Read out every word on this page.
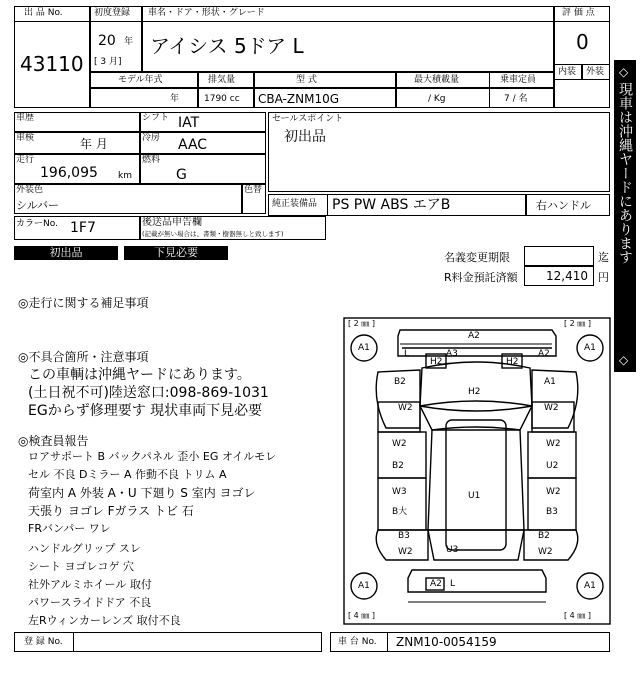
出 品 No.
43110
初度登録
20 年
[ 3 月]
車名・ドア・形状・グレード
アイシス 5ドア L
評 価 点
0
内装 外装
モデル年式	排気量	型 式	最大積載量	乗車定員
年	1790 cc CBA-ZNM10G	/ Kg	7 / 名
車歴	シフト IAT
車検	年 月	冷房 AAC
走行
196,095 km
燃料
G
外装色
シルバー
色替
カラーNo. 1F7	後送品申告欄
(記載が無い場合は、書類・樹器無しと致します)
セールスポイント
初出品
純正装備品 PS PW ABS エアB	右ハンドル
初出品	下見必要	名義変更期限	迄
R料金預託済額 12,410 円
◇
現車は沖縄ヤードにあります
◇
◎走行に関する補足事項
◎不具合箇所・注意事項
この車輌は沖縄ヤードにあります。
(土日祝不可)陸送窓口:098-869-1031
EGからず修理要す 現状車両下見必要
◎検査員報告
ロアサポート B バックパネル 歪小 EG オイルモレ
セル 不良 Dミラー A 作動不良 トリム A
荷室内 A 外装 A・U 下廻り S 室内 ヨゴレ
天張り ヨゴレ Fガラス トビ 石
FRバンパー ワレ
ハンドルグリップ スレ
シート ヨゴレコゲ 穴
社外アルミホイール 取付
パワースライドドア 不良
左Rウィンカーレンズ 取付不良
[ 2 ㎜ ]	[ 2 ㎜ ]
[ 4 ㎜ ]	[ 4 ㎜ ]
A1	A1
A1	A1
A2
L	A3	A2
H2	H2
H2
B2	A1
W2	W2
W2	W2
B2	U2
W3	W2
B大	B3
U1
B3	B2
W2	W2
U3
A2 L
登 録 No.	車 台 No. ZNM10-0054159
